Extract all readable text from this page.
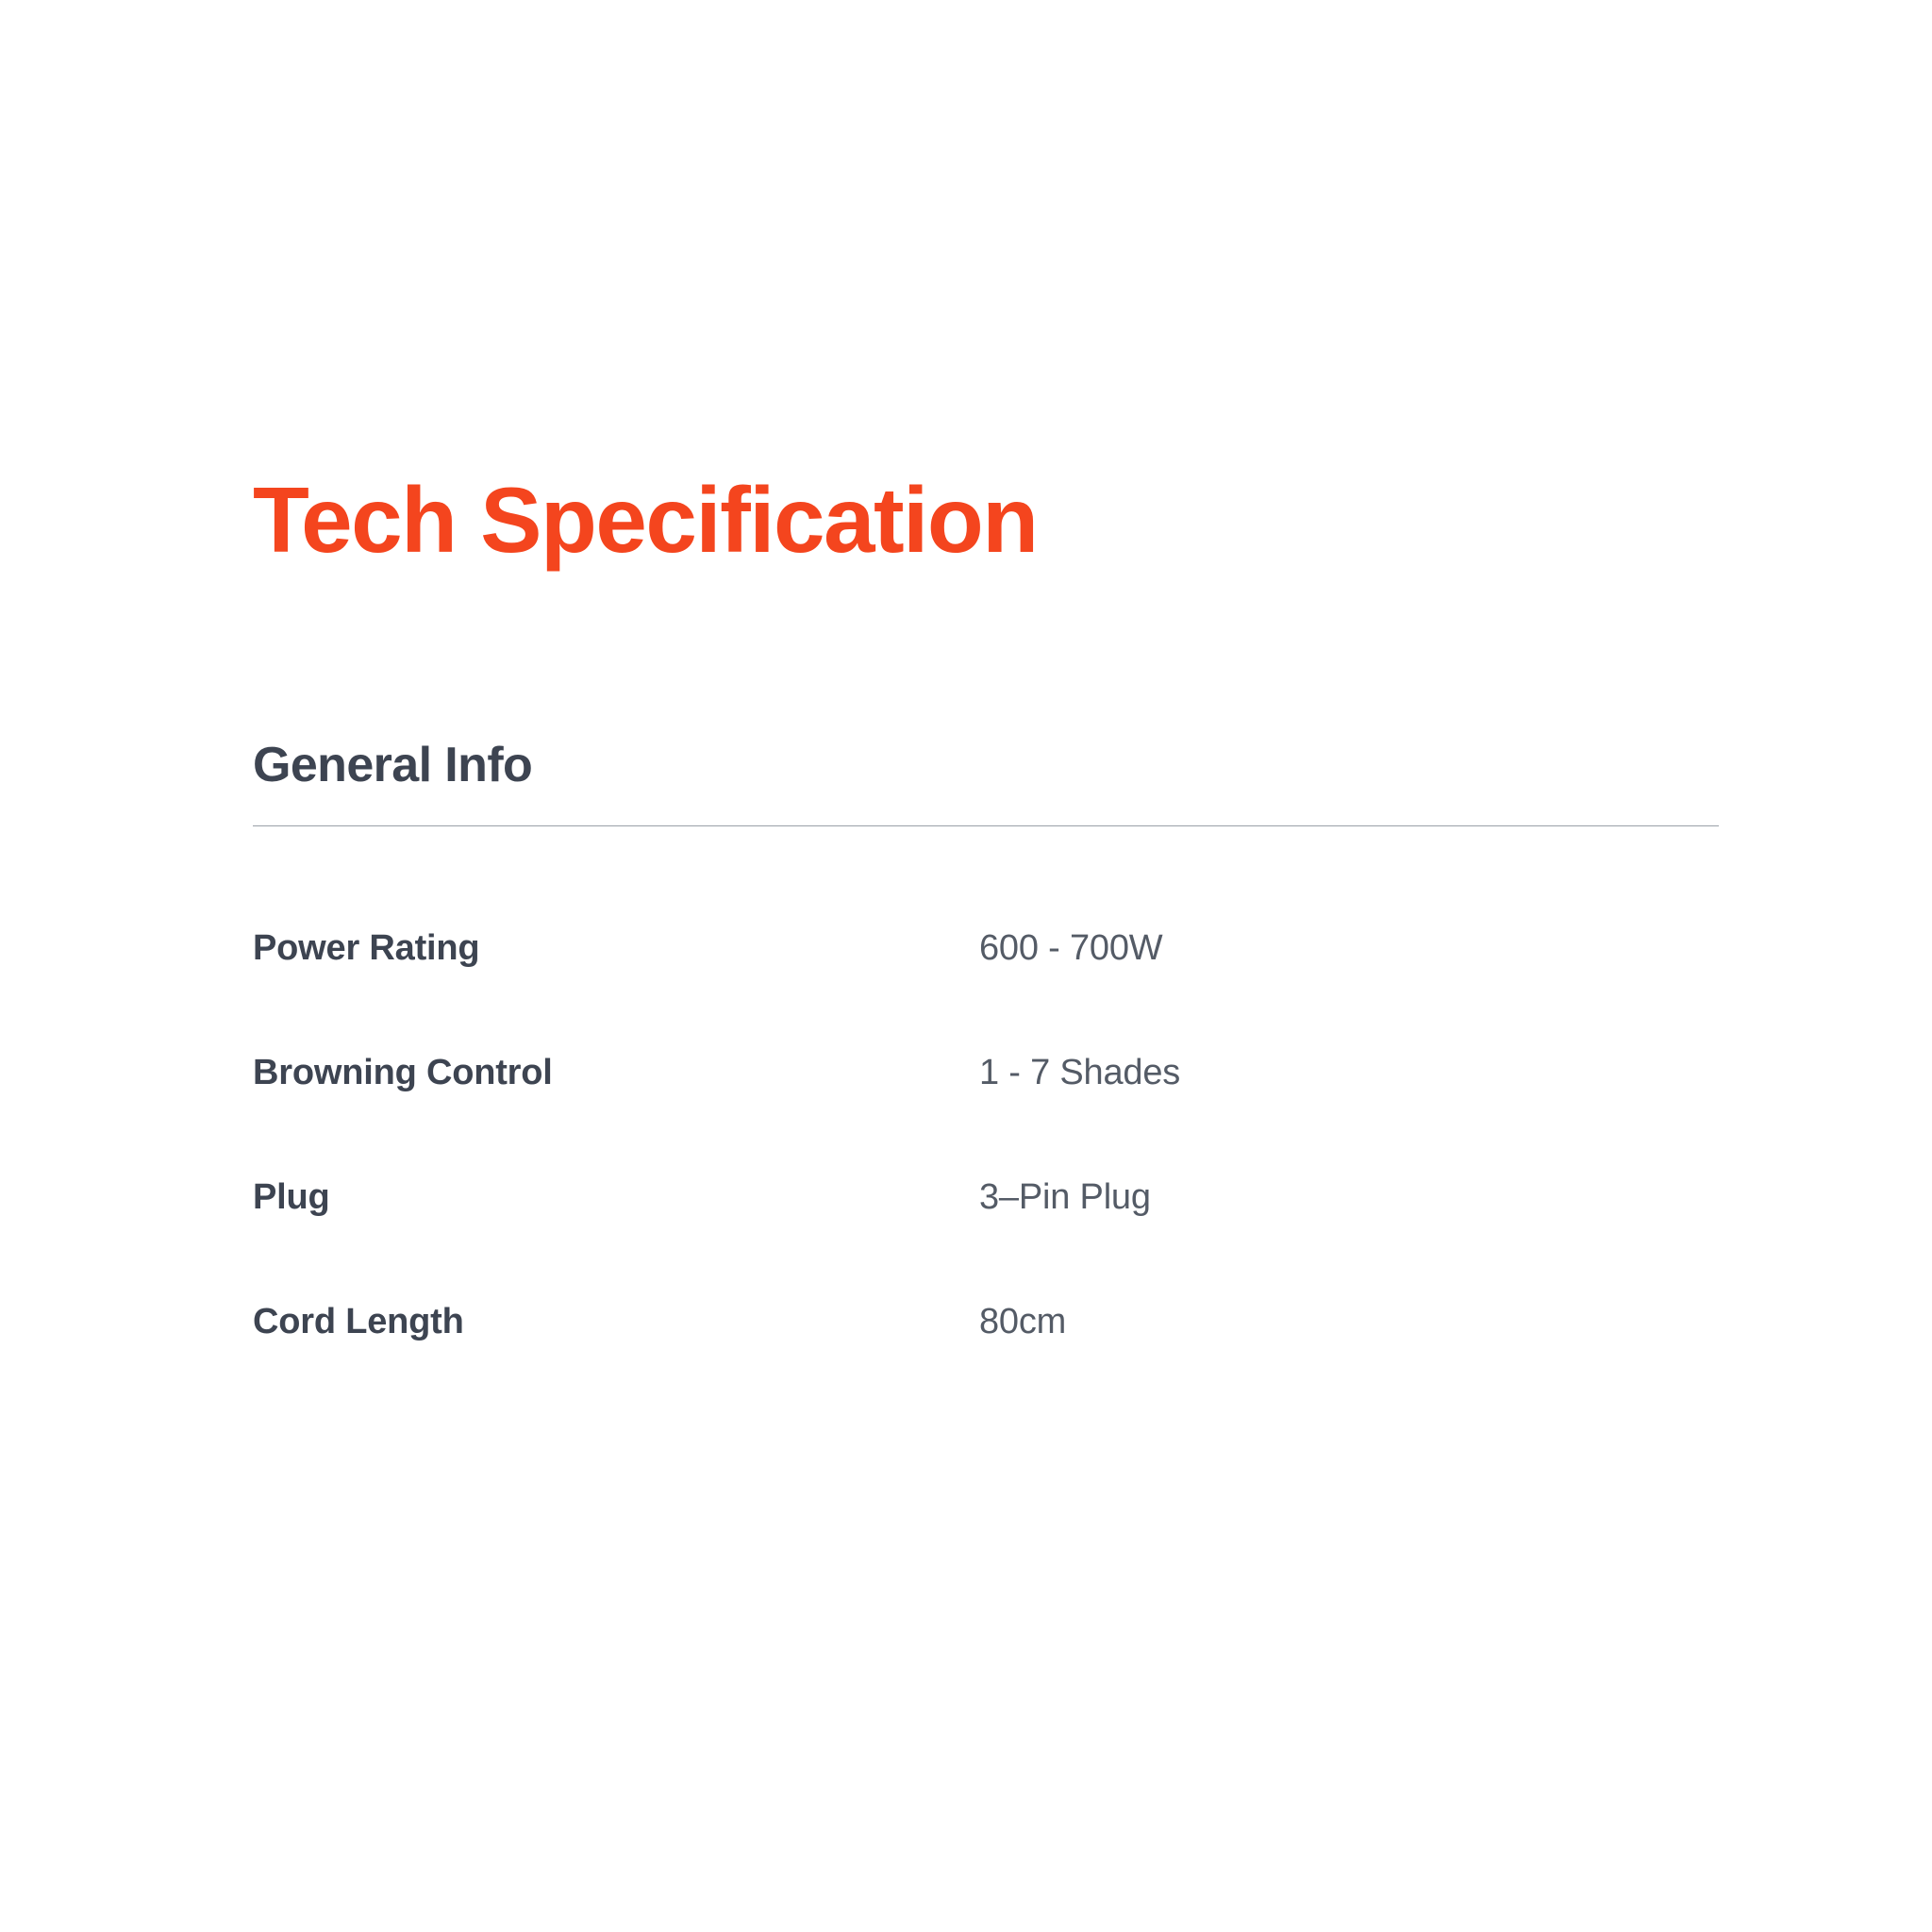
Tech Specification
General Info
Power Rating	600 - 700W
Browning Control	1 - 7 Shades
Plug	3–Pin Plug
Cord Length	80cm
